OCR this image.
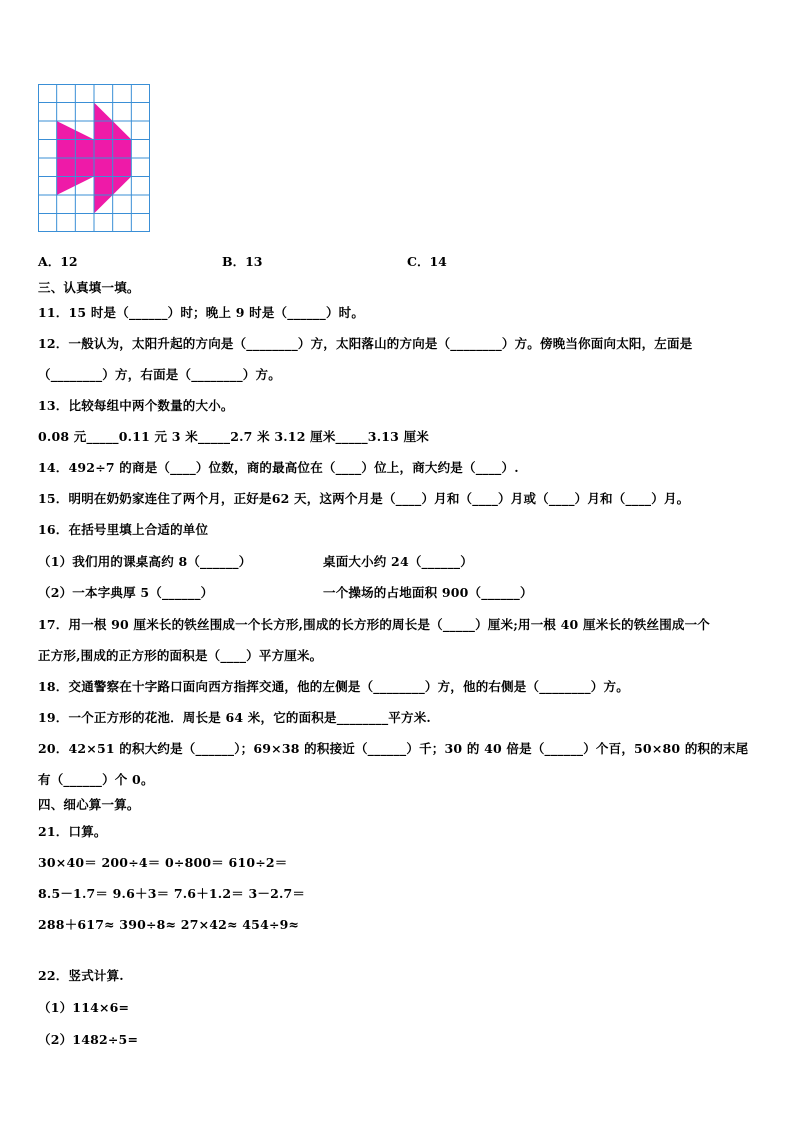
A．12	B．13	C．14
三、认真填一填。
11．15 时是（______）时；晚上 9 时是（______）时。
12．一般认为，太阳升起的方向是（________）方，太阳落山的方向是（________）方。傍晚当你面向太阳，左面是
（________）方，右面是（________）方。
13．比较每组中两个数量的大小。
0.08 元_____0.11 元 3 米_____2.7 米 3.12 厘米_____3.13 厘米
14．492÷7 的商是（____）位数，商的最高位在（____）位上，商大约是（____）.
15．明明在奶奶家连住了两个月，正好是62 天，这两个月是（____）月和（____）月或（____）月和（____）月。
16．在括号里填上合适的单位
（1）我们用的课桌高约 8（______）	桌面大小约 24（______）
（2）一本字典厚 5（______）	一个操场的占地面积 900（______）
17．用一根 90 厘米长的铁丝围成一个长方形,围成的长方形的周长是（_____）厘米;用一根 40 厘米长的铁丝围成一个
正方形,围成的正方形的面积是（____）平方厘米。
18．交通警察在十字路口面向西方指挥交通，他的左侧是（________）方，他的右侧是（________）方。
19．一个正方形的花池．周长是 64 米，它的面积是________平方米.
20．42×51 的积大约是（______）；69×38 的积接近（______）千；30 的 40 倍是（______）个百，50×80 的积的末尾
有（______）个 0。
四、细心算一算。
21．口算。
30×40＝ 200÷4＝ 0÷800＝ 610÷2＝
8.5－1.7＝ 9.6＋3＝ 7.6＋1.2＝ 3－2.7＝
288＋617≈ 390÷8≈ 27×42≈ 454÷9≈
22．竖式计算.
（1）114×6=
（2）1482÷5=
